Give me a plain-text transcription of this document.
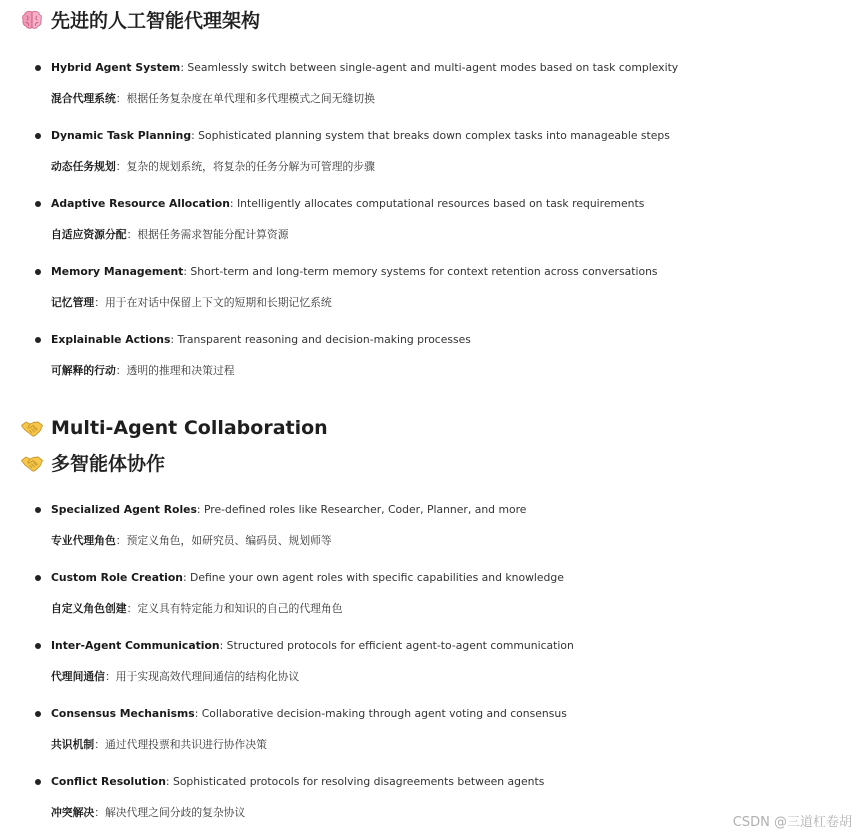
先进的人工智能代理架构
Hybrid Agent System: Seamlessly switch between single-agent and multi-agent modes based on task complexity
混合代理系统：根据任务复杂度在单代理和多代理模式之间无缝切换
Dynamic Task Planning: Sophisticated planning system that breaks down complex tasks into manageable steps
动态任务规划：复杂的规划系统，将复杂的任务分解为可管理的步骤
Adaptive Resource Allocation: Intelligently allocates computational resources based on task requirements
自适应资源分配：根据任务需求智能分配计算资源
Memory Management: Short-term and long-term memory systems for context retention across conversations
记忆管理：用于在对话中保留上下文的短期和长期记忆系统
Explainable Actions: Transparent reasoning and decision-making processes
可解释的行动：透明的推理和决策过程
Multi-Agent Collaboration
多智能体协作
Specialized Agent Roles: Pre-defined roles like Researcher, Coder, Planner, and more
专业代理角色：预定义角色，如研究员、编码员、规划师等
Custom Role Creation: Define your own agent roles with specific capabilities and knowledge
自定义角色创建：定义具有特定能力和知识的自己的代理角色
Inter-Agent Communication: Structured protocols for efficient agent-to-agent communication
代理间通信：用于实现高效代理间通信的结构化协议
Consensus Mechanisms: Collaborative decision-making through agent voting and consensus
共识机制：通过代理投票和共识进行协作决策
Conflict Resolution: Sophisticated protocols for resolving disagreements between agents
冲突解决：解决代理之间分歧的复杂协议
CSDN @三道杠卷胡
